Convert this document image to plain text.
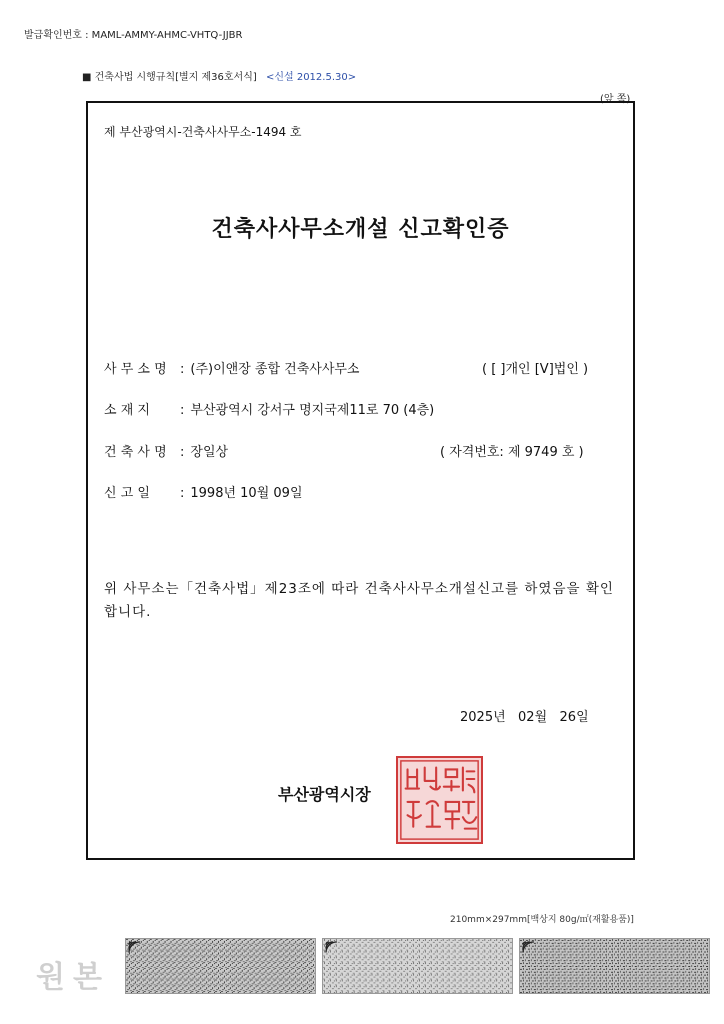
발급확인번호 : MAML-AMMY-AHMC-VHTQ-JJBR
■ 건축사법 시행규칙[별지 제36호서식] <신설 2012.5.30>
(앞 쪽)
제 부산광역시-건축사사무소-1494 호
건축사사무소개설 신고확인증
사 무 소 명 : (주)이앤장 종합 건축사사무소	( [ ]개인 [V]법인 )
소 재 지 : 부산광역시 강서구 명지국제11로 70 (4층)
건 축 사 명 : 장일상	( 자격번호: 제 9749 호 )
신 고 일 : 1998년 10월 09일
위 사무소는「건축사법」제23조에 따라 건축사사무소개설신고를 하였음을 확인합니다.
2025년   02월   26일
부산광역시장
210mm×297mm[백상지 80g/㎡(재활용품)]
원본
